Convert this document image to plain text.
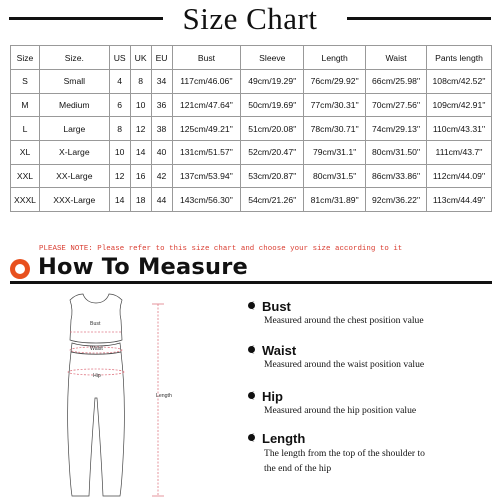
Size Chart
Size	Size.	US	UK	EU	Bust	Sleeve	Length	Waist	Pants length
S	Small	4	8	34	117cm/46.06''	49cm/19.29''	76cm/29.92''	66cm/25.98''	108cm/42.52''
M	Medium	6	10	36	121cm/47.64''	50cm/19.69''	77cm/30.31''	70cm/27.56''	109cm/42.91''
L	Large	8	12	38	125cm/49.21''	51cm/20.08''	78cm/30.71''	74cm/29.13''	110cm/43.31''
XL	X-Large	10	14	40	131cm/51.57''	52cm/20.47''	79cm/31.1''	80cm/31.50''	111cm/43.7''
XXL	XX-Large	12	16	42	137cm/53.94''	53cm/20.87''	80cm/31.5''	86cm/33.86''	112cm/44.09''
XXXL	XXX-Large	14	18	44	143cm/56.30''	54cm/21.26''	81cm/31.89''	92cm/36.22''	113cm/44.49''
PLEASE NOTE: Please refer to this size chart and choose your size according to it
How To Measure
Bust
Waist
Hip
Length
Bust
Measured around the chest position value
Waist
Measured around the waist position value
Hip
Measured around the hip position value
Length
The length from the top of the shoulder to
the end of the hip
